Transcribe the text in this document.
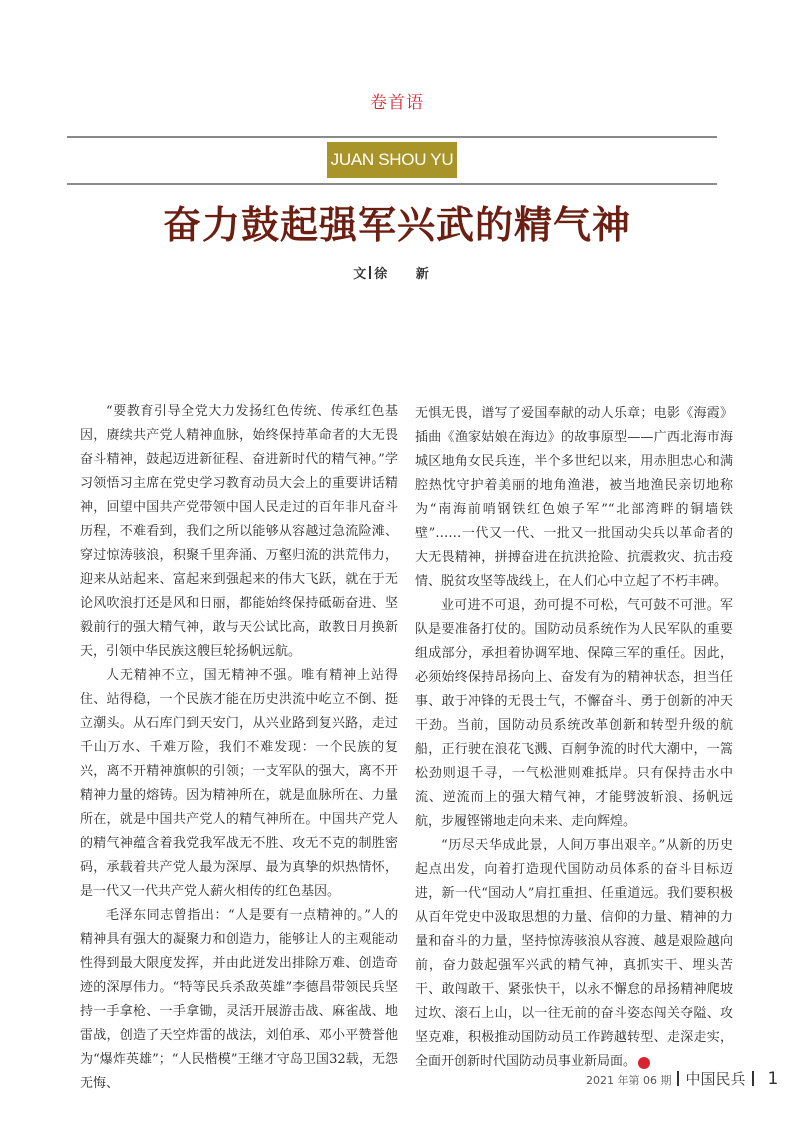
卷首语
JUAN SHOU YU
奋力鼓起强军兴武的精气神
文 徐 新

“要教育引导全党大力发扬红色传统、传承红色基因，赓续共产党人精神血脉，始终保持革命者的大无畏奋斗精神，鼓起迈进新征程、奋进新时代的精气神。”学习领悟习主席在党史学习教育动员大会上的重要讲话精神，回望中国共产党带领中国人民走过的百年非凡奋斗历程，不难看到，我们之所以能够从容越过急流险滩、穿过惊涛骇浪，积聚千里奔涌、万壑归流的洪荒伟力，迎来从站起来、富起来到强起来的伟大飞跃，就在于无论风吹浪打还是风和日丽，都能始终保持砥砺奋进、坚毅前行的强大精气神，敢与天公试比高，敢教日月换新天，引领中华民族这艘巨轮扬帆远航。

人无精神不立，国无精神不强。唯有精神上站得住、站得稳，一个民族才能在历史洪流中屹立不倒、挺立潮头。从石库门到天安门，从兴业路到复兴路，走过千山万水、千难万险，我们不难发现：一个民族的复兴，离不开精神旗帜的引领；一支军队的强大，离不开精神力量的熔铸。因为精神所在，就是血脉所在、力量所在，就是中国共产党人的精气神所在。中国共产党人的精气神蕴含着我党我军战无不胜、攻无不克的制胜密码，承载着共产党人最为深厚、最为真挚的炽热情怀，是一代又一代共产党人薪火相传的红色基因。

毛泽东同志曾指出：“人是要有一点精神的。”人的精神具有强大的凝聚力和创造力，能够让人的主观能动性得到最大限度发挥，并由此迸发出排除万难、创造奇迹的深厚伟力。“特等民兵杀敌英雄”李德昌带领民兵坚持一手拿枪、一手拿锄，灵活开展游击战、麻雀战、地雷战，创造了天空炸雷的战法，刘伯承、邓小平赞誉他为“爆炸英雄”；“人民楷模”王继才守岛卫国32载，无怨无悔、

无惧无畏，谱写了爱国奉献的动人乐章；电影《海霞》插曲《渔家姑娘在海边》的故事原型——广西北海市海城区地角女民兵连，半个多世纪以来，用赤胆忠心和满腔热忱守护着美丽的地角渔港，被当地渔民亲切地称为“南海前哨钢铁红色娘子军”“北部湾畔的铜墙铁壁”……一代又一代、一批又一批国动尖兵以革命者的大无畏精神，拼搏奋进在抗洪抢险、抗震救灾、抗击疫情、脱贫攻坚等战线上，在人们心中立起了不朽丰碑。

业可进不可退，劲可提不可松，气可鼓不可泄。军队是要准备打仗的。国防动员系统作为人民军队的重要组成部分，承担着协调军地、保障三军的重任。因此，必须始终保持昂扬向上、奋发有为的精神状态，担当任事、敢于冲锋的无畏士气，不懈奋斗、勇于创新的冲天干劲。当前，国防动员系统改革创新和转型升级的航船，正行驶在浪花飞溅、百舸争流的时代大潮中，一篙松劲则退千寻，一气松泄则难抵岸。只有保持击水中流、逆流而上的强大精气神，才能劈波斩浪、扬帆远航，步履铿锵地走向未来、走向辉煌。

“历尽天华成此景，人间万事出艰辛。”从新的历史起点出发，向着打造现代国防动员体系的奋斗目标迈进，新一代“国动人”肩扛重担、任重道远。我们要积极从百年党史中汲取思想的力量、信仰的力量、精神的力量和奋斗的力量，坚持惊涛骇浪从容渡、越是艰险越向前，奋力鼓起强军兴武的精气神，真抓实干、埋头苦干、敢闯敢干、紧张快干，以永不懈怠的昂扬精神爬坡过坎、滚石上山，以一往无前的奋斗姿态闯关夺隘、攻坚克难，积极推动国防动员工作跨越转型、走深走实，全面开创新时代国防动员事业新局面。	⊕

2021 年第 06 期 中国民兵 1
